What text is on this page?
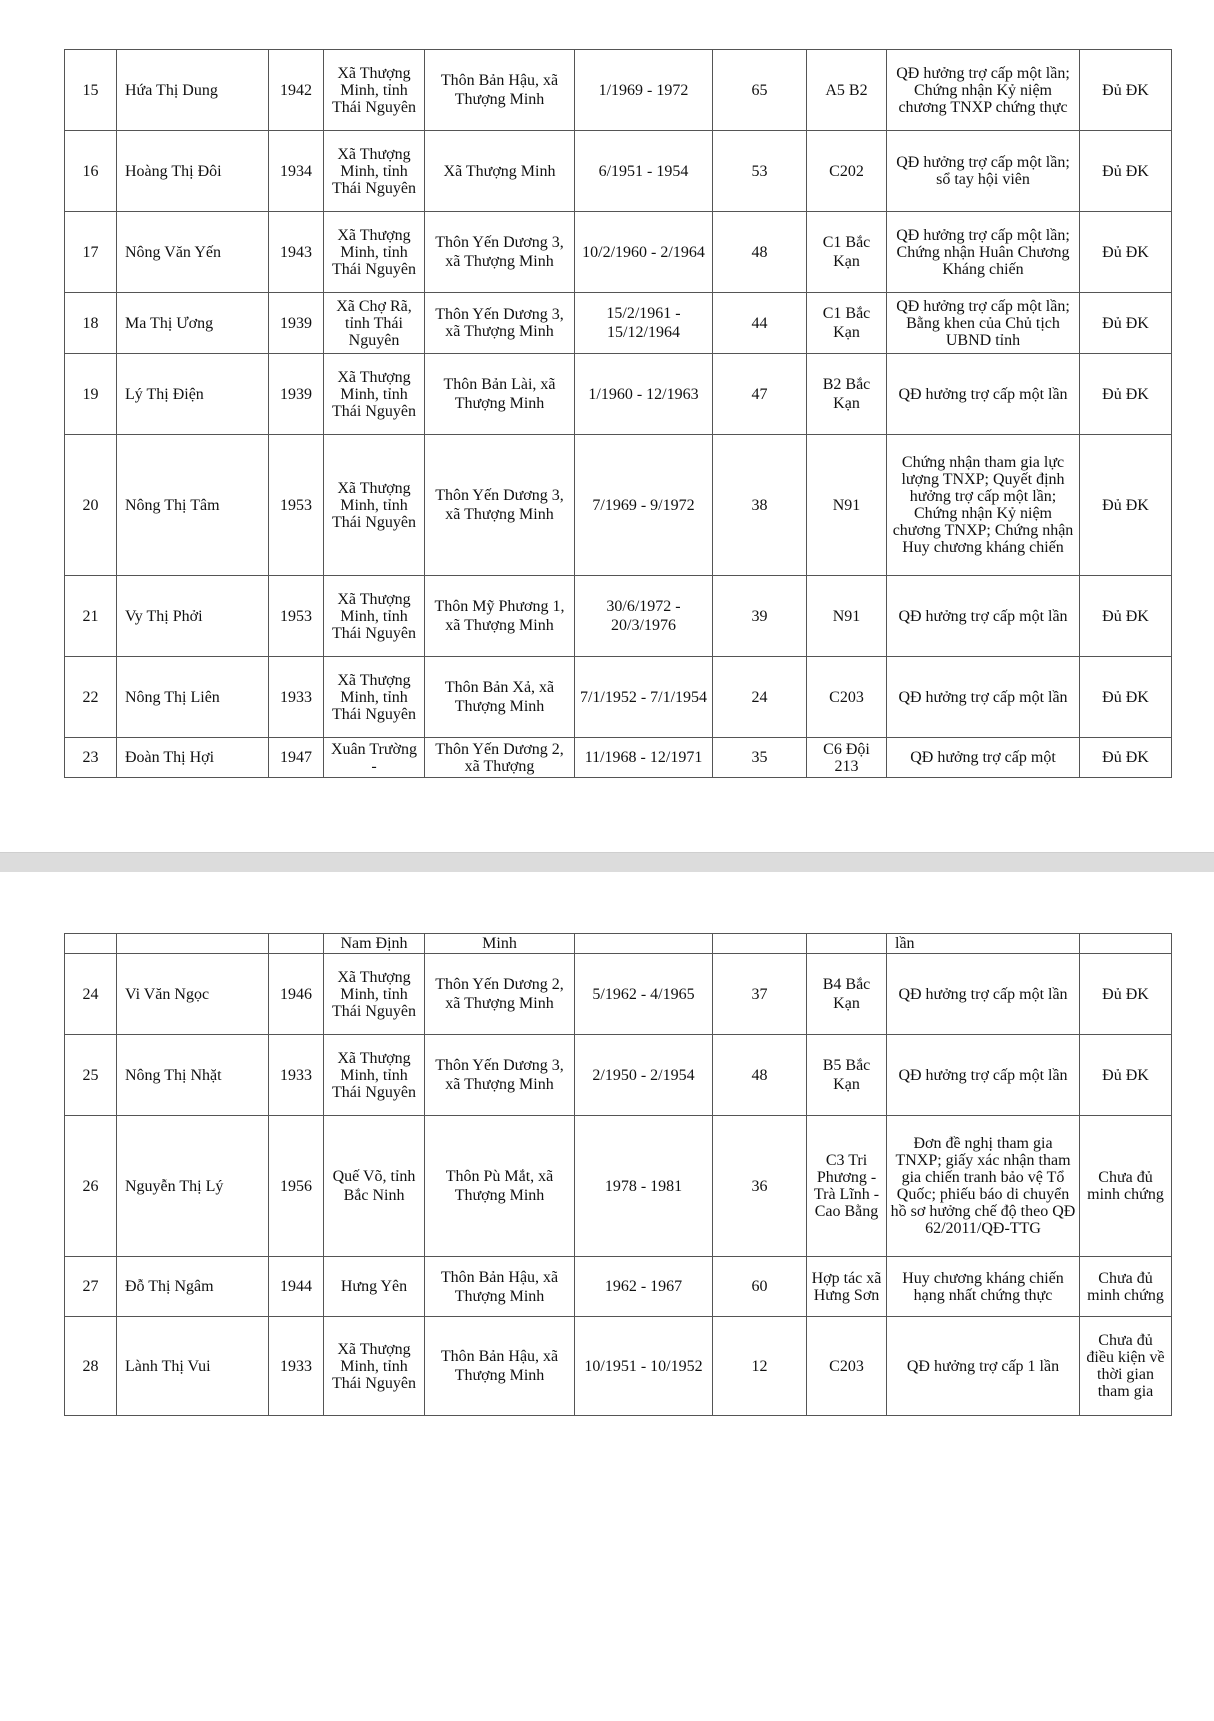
15	Hứa Thị Dung	1942	Xã Thượng Minh, tỉnh Thái Nguyên	Thôn Bản Hậu, xã Thượng Minh	1/1969 - 1972	65	A5 B2	QĐ hưởng trợ cấp một lần; Chứng nhận Kỷ niệm chương TNXP chứng thực	Đủ ĐK
16	Hoàng Thị Đôi	1934	Xã Thượng Minh, tỉnh Thái Nguyên	Xã Thượng Minh	6/1951 - 1954	53	C202	QĐ hưởng trợ cấp một lần; sổ tay hội viên	Đủ ĐK
17	Nông Văn Yến	1943	Xã Thượng Minh, tỉnh Thái Nguyên	Thôn Yến Dương 3, xã Thượng Minh	10/2/1960 - 2/1964	48	C1 Bắc Kạn	QĐ hưởng trợ cấp một lần; Chứng nhận Huân Chương Kháng chiến	Đủ ĐK
18	Ma Thị Ương	1939	Xã Chợ Rã, tỉnh Thái Nguyên	Thôn Yến Dương 3, xã Thượng Minh	15/2/1961 - 15/12/1964	44	C1 Bắc Kạn	QĐ hưởng trợ cấp một lần; Bằng khen của Chủ tịch UBND tỉnh	Đủ ĐK
19	Lý Thị Điện	1939	Xã Thượng Minh, tỉnh Thái Nguyên	Thôn Bản Lài, xã Thượng Minh	1/1960 - 12/1963	47	B2 Bắc Kạn	QĐ hưởng trợ cấp một lần	Đủ ĐK
20	Nông Thị Tâm	1953	Xã Thượng Minh, tỉnh Thái Nguyên	Thôn Yến Dương 3, xã Thượng Minh	7/1969 - 9/1972	38	N91	Chứng nhận tham gia lực lượng TNXP; Quyết định hưởng trợ cấp một lần; Chứng nhận Kỷ niệm chương TNXP; Chứng nhận Huy chương kháng chiến	Đủ ĐK
21	Vy Thị Phởi	1953	Xã Thượng Minh, tỉnh Thái Nguyên	Thôn Mỹ Phương 1, xã Thượng Minh	30/6/1972 - 20/3/1976	39	N91	QĐ hưởng trợ cấp một lần	Đủ ĐK
22	Nông Thị Liên	1933	Xã Thượng Minh, tỉnh Thái Nguyên	Thôn Bản Xả, xã Thượng Minh	7/1/1952 - 7/1/1954	24	C203	QĐ hưởng trợ cấp một lần	Đủ ĐK
23	Đoàn Thị Hợi	1947	Xuân Trường -	Thôn Yến Dương 2, xã Thượng	11/1968 - 12/1971	35	C6 Đội 213	QĐ hưởng trợ cấp một	Đủ ĐK
			Nam Định	Minh				lần	
24	Vi Văn Ngọc	1946	Xã Thượng Minh, tỉnh Thái Nguyên	Thôn Yến Dương 2, xã Thượng Minh	5/1962 - 4/1965	37	B4 Bắc Kạn	QĐ hưởng trợ cấp một lần	Đủ ĐK
25	Nông Thị Nhặt	1933	Xã Thượng Minh, tỉnh Thái Nguyên	Thôn Yến Dương 3, xã Thượng Minh	2/1950 - 2/1954	48	B5 Bắc Kạn	QĐ hưởng trợ cấp một lần	Đủ ĐK
26	Nguyễn Thị Lý	1956	Quế Võ, tỉnh Bắc Ninh	Thôn Pù Mắt, xã Thượng Minh	1978 - 1981	36	C3 Tri Phương - Trà Lĩnh - Cao Bằng	Đơn đề nghị tham gia TNXP; giấy xác nhận tham gia chiến tranh bảo vệ Tổ Quốc; phiếu báo di chuyển hồ sơ hưởng chế độ theo QĐ 62/2011/QĐ-TTG	Chưa đủ minh chứng
27	Đỗ Thị Ngâm	1944	Hưng Yên	Thôn Bản Hậu, xã Thượng Minh	1962 - 1967	60	Hợp tác xã Hưng Sơn	Huy chương kháng chiến hạng nhất chứng thực	Chưa đủ minh chứng
28	Lành Thị Vui	1933	Xã Thượng Minh, tỉnh Thái Nguyên	Thôn Bản Hậu, xã Thượng Minh	10/1951 - 10/1952	12	C203	QĐ hưởng trợ cấp 1 lần	Chưa đủ điều kiện về thời gian tham gia
